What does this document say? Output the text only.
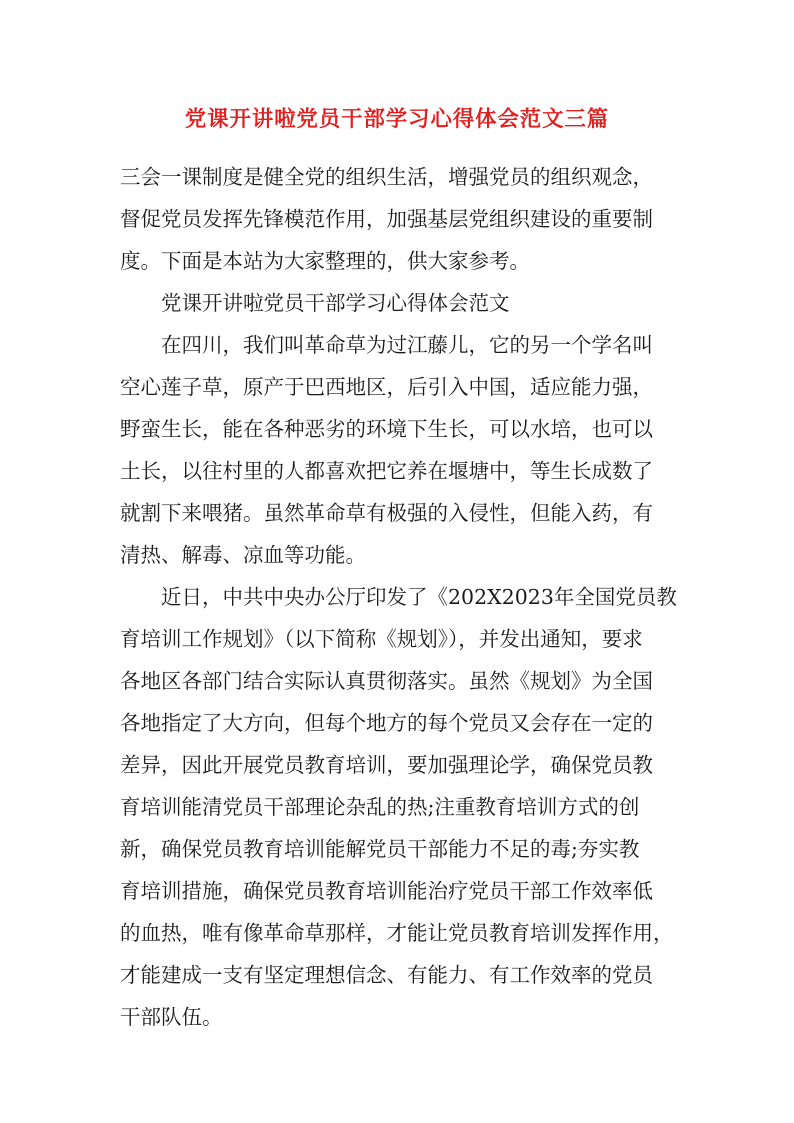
党课开讲啦党员干部学习心得体会范文三篇
三会一课制度是健全党的组织生活，增强党员的组织观念，
督促党员发挥先锋模范作用，加强基层党组织建设的重要制
度。下面是本站为大家整理的，供大家参考。
党课开讲啦党员干部学习心得体会范文
在四川，我们叫革命草为过江藤儿，它的另一个学名叫
空心莲子草，原产于巴西地区，后引入中国，适应能力强，
野蛮生长，能在各种恶劣的环境下生长，可以水培，也可以
土长，以往村里的人都喜欢把它养在堰塘中，等生长成数了
就割下来喂猪。虽然革命草有极强的入侵性，但能入药，有
清热、解毒、凉血等功能。
近日，中共中央办公厅印发了《202X2023年全国党员教
育培训工作规划》（以下简称《规划》），并发出通知，要求
各地区各部门结合实际认真贯彻落实。虽然《规划》为全国
各地指定了大方向，但每个地方的每个党员又会存在一定的
差异，因此开展党员教育培训，要加强理论学，确保党员教
育培训能清党员干部理论杂乱的热;注重教育培训方式的创
新，确保党员教育培训能解党员干部能力不足的毒;夯实教
育培训措施，确保党员教育培训能治疗党员干部工作效率低
的血热，唯有像革命草那样，才能让党员教育培训发挥作用，
才能建成一支有坚定理想信念、有能力、有工作效率的党员
干部队伍。
